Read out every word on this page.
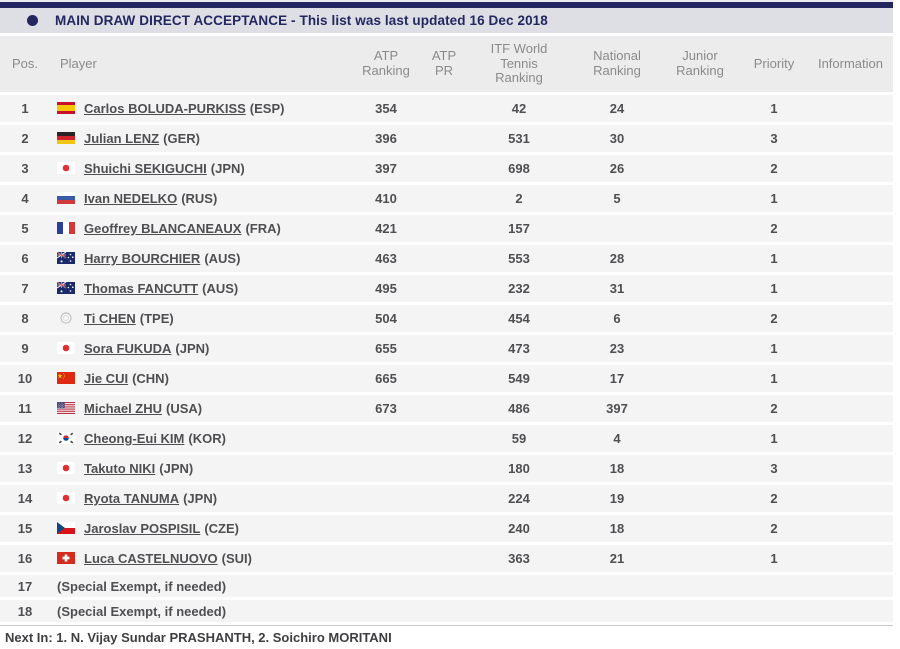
MAIN DRAW DIRECT ACCEPTANCE - This list was last updated 16 Dec 2018
Pos.	Player	ATP Ranking	ATP PR	ITF World Tennis Ranking	National Ranking	Junior Ranking	Priority	Information
1	Carlos BOLUDA-PURKISS (ESP)	354		42	24		1	
2	Julian LENZ (GER)	396		531	30		3	
3	Shuichi SEKIGUCHI (JPN)	397		698	26		2	
4	Ivan NEDELKO (RUS)	410		2	5		1	
5	Geoffrey BLANCANEAUX (FRA)	421		157			2	
6	Harry BOURCHIER (AUS)	463		553	28		1	
7	Thomas FANCUTT (AUS)	495		232	31		1	
8	Ti CHEN (TPE)	504		454	6		2	
9	Sora FUKUDA (JPN)	655		473	23		1	
10	Jie CUI (CHN)	665		549	17		1	
11	Michael ZHU (USA)	673		486	397		2	
12	Cheong-Eui KIM (KOR)			59	4		1	
13	Takuto NIKI (JPN)			180	18		3	
14	Ryota TANUMA (JPN)			224	19		2	
15	Jaroslav POSPISIL (CZE)			240	18		2	
16	Luca CASTELNUOVO (SUI)			363	21		1	
17	(Special Exempt, if needed)							
18	(Special Exempt, if needed)							
Next In: 1. N. Vijay Sundar PRASHANTH, 2. Soichiro MORITANI
